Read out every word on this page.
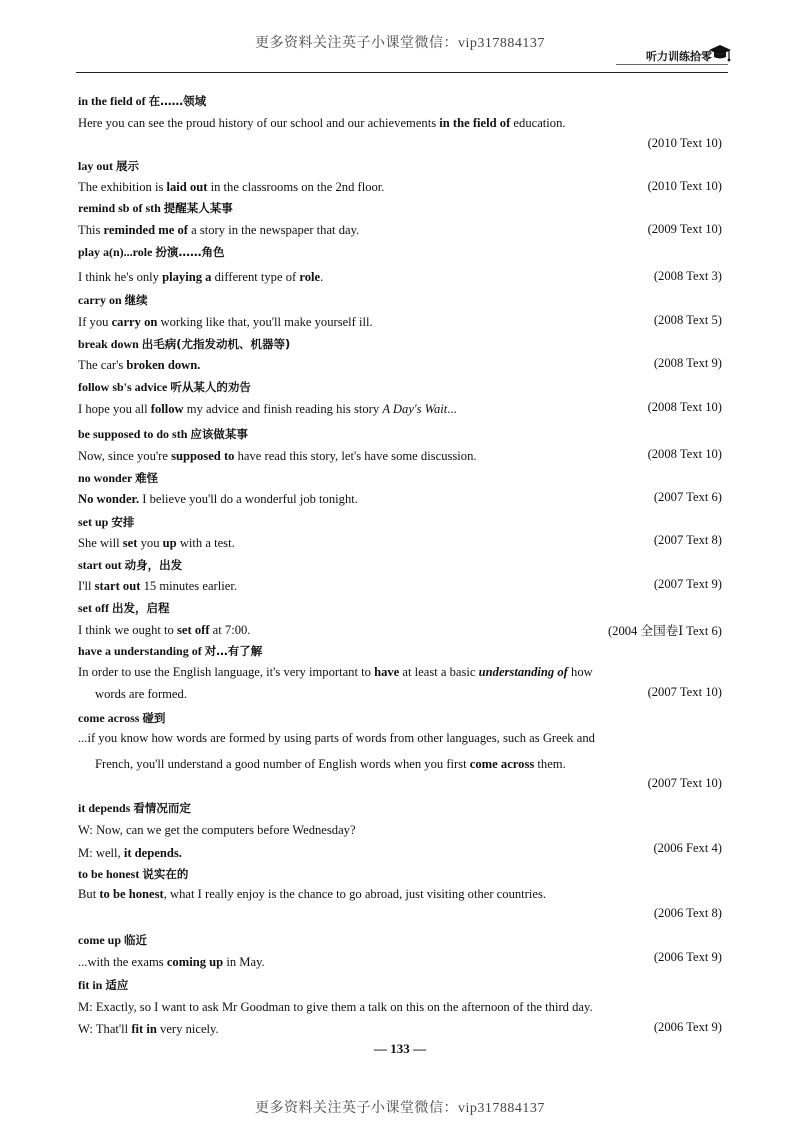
更多资料关注英子小课堂微信：vip317884137
听力训练拾零
in the field of 在……领域
Here you can see the proud history of our school and our achievements in the field of education.
(2010 Text 10)
lay out 展示
The exhibition is laid out in the classrooms on the 2nd floor.	(2010 Text 10)
remind sb of sth 提醒某人某事
This reminded me of a story in the newspaper that day.	(2009 Text 10)
play a(n)...role 扮演……角色
I think he's only playing a different type of role.	(2008 Text 3)
carry on 继续
If you carry on working like that, you'll make yourself ill.	(2008 Text 5)
break down 出毛病(尤指发动机、机器等)
The car's broken down.	(2008 Text 9)
follow sb's advice 听从某人的劝告
I hope you all follow my advice and finish reading his story A Day's Wait...	(2008 Text 10)
be supposed to do sth 应该做某事
Now, since you're supposed to have read this story, let's have some discussion.	(2008 Text 10)
no wonder 难怪
No wonder. I believe you'll do a wonderful job tonight.	(2007 Text 6)
set up 安排
She will set you up with a test.	(2007 Text 8)
start out 动身，出发
I'll start out 15 minutes earlier.	(2007 Text 9)
set off 出发，启程
I think we ought to set off at 7:00.	(2004 全国卷Ⅰ Text 6)
have a understanding of 对…有了解
In order to use the English language, it's very important to have at least a basic understanding of how
words are formed.	(2007 Text 10)
come across 碰到
...if you know how words are formed by using parts of words from other languages, such as Greek and
French, you'll understand a good number of English words when you first come across them.
(2007 Text 10)
it depends 看情况而定
W: Now, can we get the computers before Wednesday?
M: well, it depends.	(2006 Fext 4)
to be honest 说实在的
But to be honest, what I really enjoy is the chance to go abroad, just visiting other countries.
(2006 Text 8)
come up 临近
...with the exams coming up in May.	(2006 Text 9)
fit in 适应
M: Exactly, so I want to ask Mr Goodman to give them a talk on this on the afternoon of the third day.
W: That'll fit in very nicely.	(2006 Text 9)
— 133 —
更多资料关注英子小课堂微信：vip317884137
